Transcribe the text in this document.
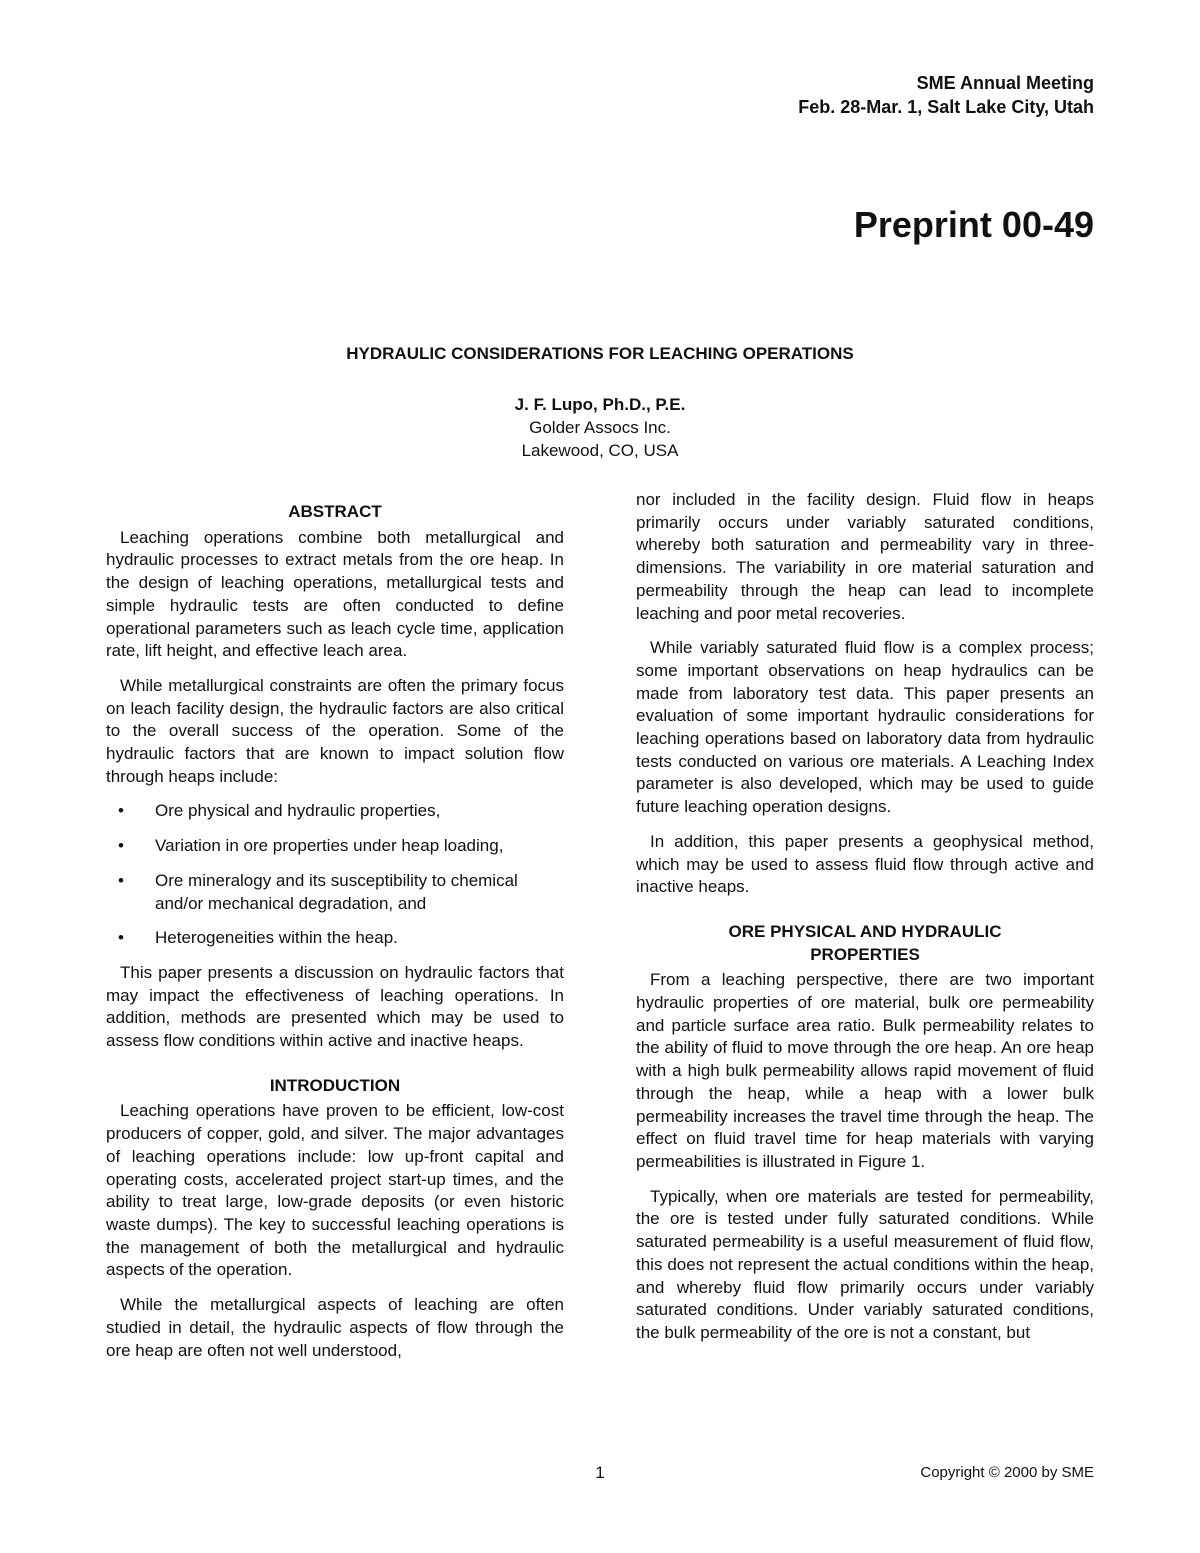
SME Annual Meeting
Feb. 28-Mar. 1, Salt Lake City, Utah
Preprint 00-49
HYDRAULIC CONSIDERATIONS FOR LEACHING OPERATIONS
J. F. Lupo, Ph.D., P.E.
Golder Assocs Inc.
Lakewood, CO, USA
ABSTRACT

Leaching operations combine both metallurgical and hydraulic processes to extract metals from the ore heap. In the design of leaching operations, metallurgical tests and simple hydraulic tests are often conducted to define operational parameters such as leach cycle time, application rate, lift height, and effective leach area.

While metallurgical constraints are often the primary focus on leach facility design, the hydraulic factors are also critical to the overall success of the operation. Some of the hydraulic factors that are known to impact solution flow through heaps include:

• Ore physical and hydraulic properties,
• Variation in ore properties under heap loading,
• Ore mineralogy and its susceptibility to chemical and/or mechanical degradation, and
• Heterogeneities within the heap.

This paper presents a discussion on hydraulic factors that may impact the effectiveness of leaching operations. In addition, methods are presented which may be used to assess flow conditions within active and inactive heaps.

INTRODUCTION

Leaching operations have proven to be efficient, low-cost producers of copper, gold, and silver. The major advantages of leaching operations include: low up-front capital and operating costs, accelerated project start-up times, and the ability to treat large, low-grade deposits (or even historic waste dumps). The key to successful leaching operations is the management of both the metallurgical and hydraulic aspects of the operation.

While the metallurgical aspects of leaching are often studied in detail, the hydraulic aspects of flow through the ore heap are often not well understood,

nor included in the facility design. Fluid flow in heaps primarily occurs under variably saturated conditions, whereby both saturation and permeability vary in three-dimensions. The variability in ore material saturation and permeability through the heap can lead to incomplete leaching and poor metal recoveries.

While variably saturated fluid flow is a complex process; some important observations on heap hydraulics can be made from laboratory test data. This paper presents an evaluation of some important hydraulic considerations for leaching operations based on laboratory data from hydraulic tests conducted on various ore materials. A Leaching Index parameter is also developed, which may be used to guide future leaching operation designs.

In addition, this paper presents a geophysical method, which may be used to assess fluid flow through active and inactive heaps.

ORE PHYSICAL AND HYDRAULIC
PROPERTIES

From a leaching perspective, there are two important hydraulic properties of ore material, bulk ore permeability and particle surface area ratio. Bulk permeability relates to the ability of fluid to move through the ore heap. An ore heap with a high bulk permeability allows rapid movement of fluid through the heap, while a heap with a lower bulk permeability increases the travel time through the heap. The effect on fluid travel time for heap materials with varying permeabilities is illustrated in Figure 1.

Typically, when ore materials are tested for permeability, the ore is tested under fully saturated conditions. While saturated permeability is a useful measurement of fluid flow, this does not represent the actual conditions within the heap, and whereby fluid flow primarily occurs under variably saturated conditions. Under variably saturated conditions, the bulk permeability of the ore is not a constant, but

1	Copyright © 2000 by SME
